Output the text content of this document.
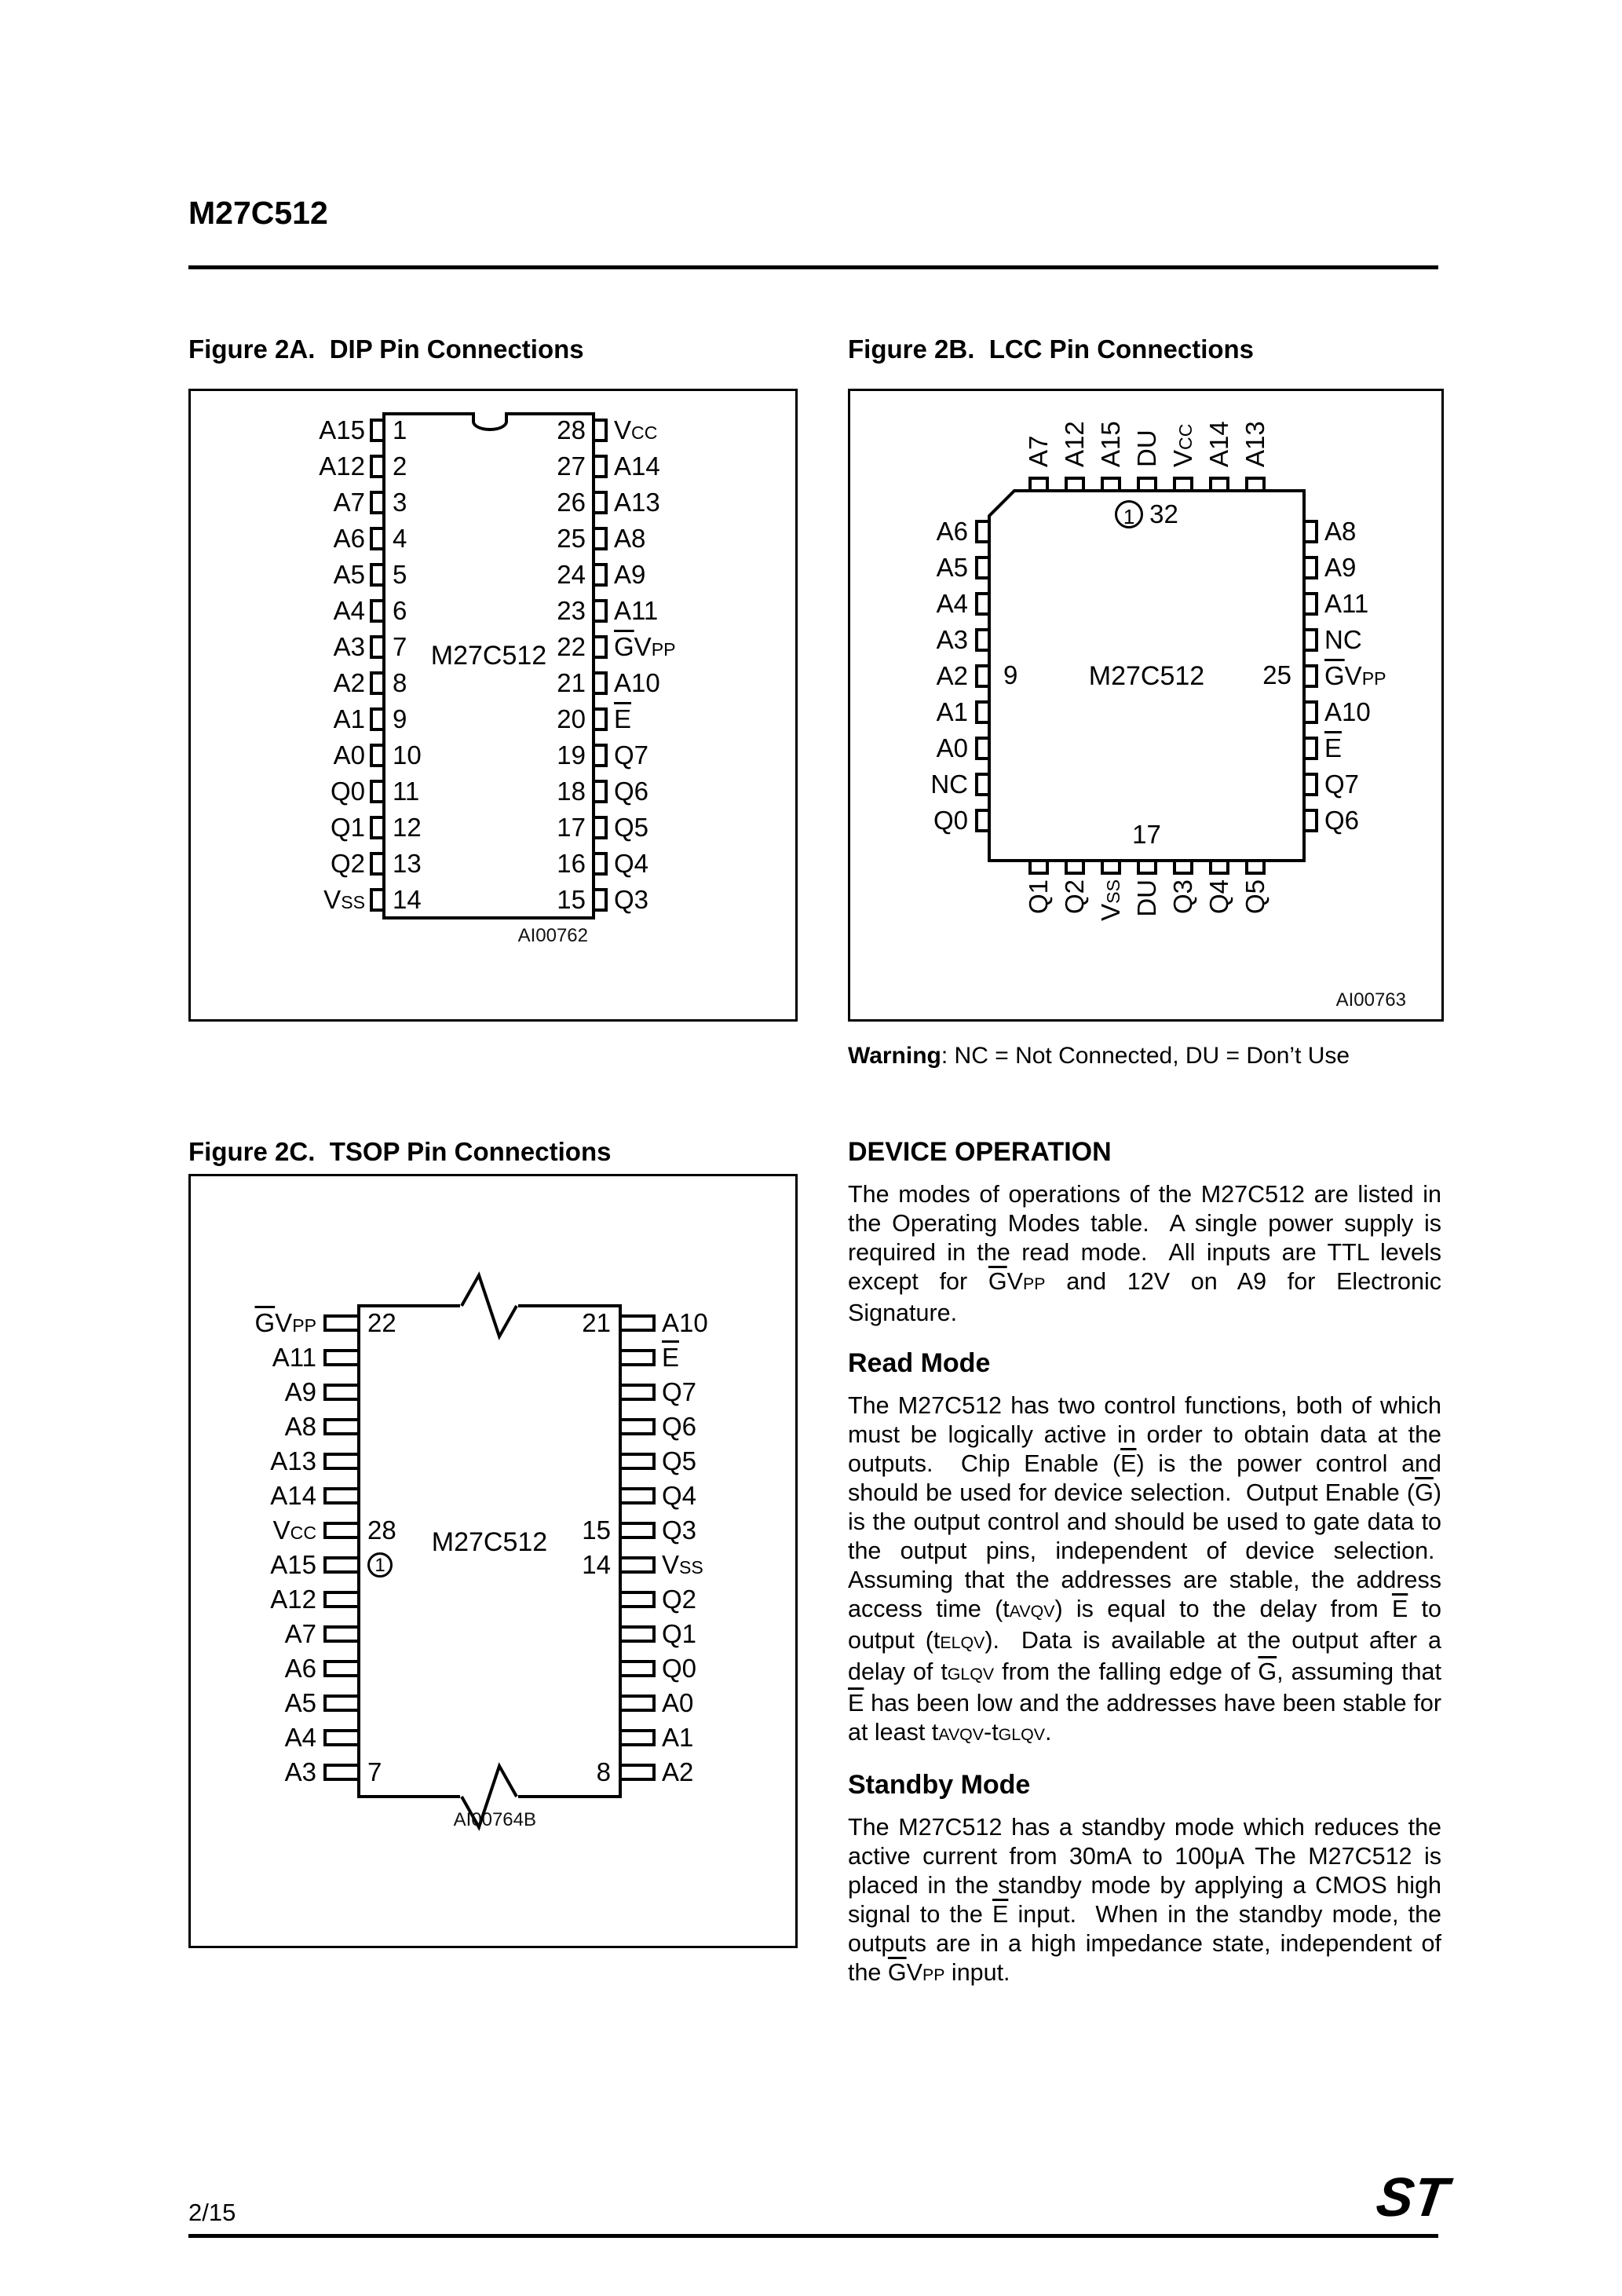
M27C512
Figure 2A.  DIP Pin Connections	Figure 2B.  LCC Pin Connections
Figure 2C.  TSOP Pin Connections
A15 1	28 VCC
A12 2	27 A14
A7 3	26 A13
A6 4	25 A8
A5 5	24 A9
A4 6	23 A11
A3 7	22 $\overline{G}VPP$
A2 8	21 A10
A1 9	20 $\overline{E}$
A0 10	19 Q7
Q0 11	18 Q6
Q1 12	17 Q5
Q2 13	16 Q4
VSS 14	15 Q3
M27C512
AI00762
1 32
M27C512
9	25
17
AI00763
A7 A12 A15 DU VCC A14 A13
Q1 Q2 VSS DU Q3 Q4 Q5
A6
A5
A4
A3
A2
A1
A0
NC
Q0
A8
A9
A11
NC
$\overline{G}VPP$
A10
$\overline{E}$
Q7
Q6
Warning: NC = Not Connected, DU = Don’t Use
$\overline{G}VPP$ 22	21 A10
A11	$\overline{E}$
A9	Q7
A8	Q6
A13	Q5
A14	Q4
VCC 28	15 Q3
A15	1	14 VSS
A12	Q2
A7	Q1
A6	Q0
A5	A0
A4	A1
A3 7	8 A2
M27C512
AI00764B
DEVICE OPERATION
The modes of operations of the M27C512 are listed in the Operating Modes table.  A single power supply is required in the read mode.  All inputs are TTL levels except for $\overline{G}VPP$ and 12V on A9 for Electronic Signature.
Read Mode
The M27C512 has two control functions, both of which must be logically active in order to obtain data at the outputs.  Chip Enable $(\overline{E})$ is the power control and should be used for device selection.  Output Enable $(\overline{G})$ is the output control and should be used to gate data to the output pins, independent of device selection.  Assuming that the addresses are stable, the address access time (tAVQV) is equal to the delay from $\overline{E}$ to output (tELQV).  Data is available at the output after a delay of tGLQV from the falling edge of $\overline{G}$, assuming that $\overline{E}$ has been low and the addresses have been stable for at least tAVQV-tGLQV.
Standby Mode
The M27C512 has a standby mode which reduces the active current from 30mA to 100μA The M27C512 is placed in the standby mode by applying a CMOS high signal to the $\overline{E}$ input.  When in the standby mode, the outputs are in a high impedance state, independent of the $\overline{G}VPP$ input.
2/15	ST
